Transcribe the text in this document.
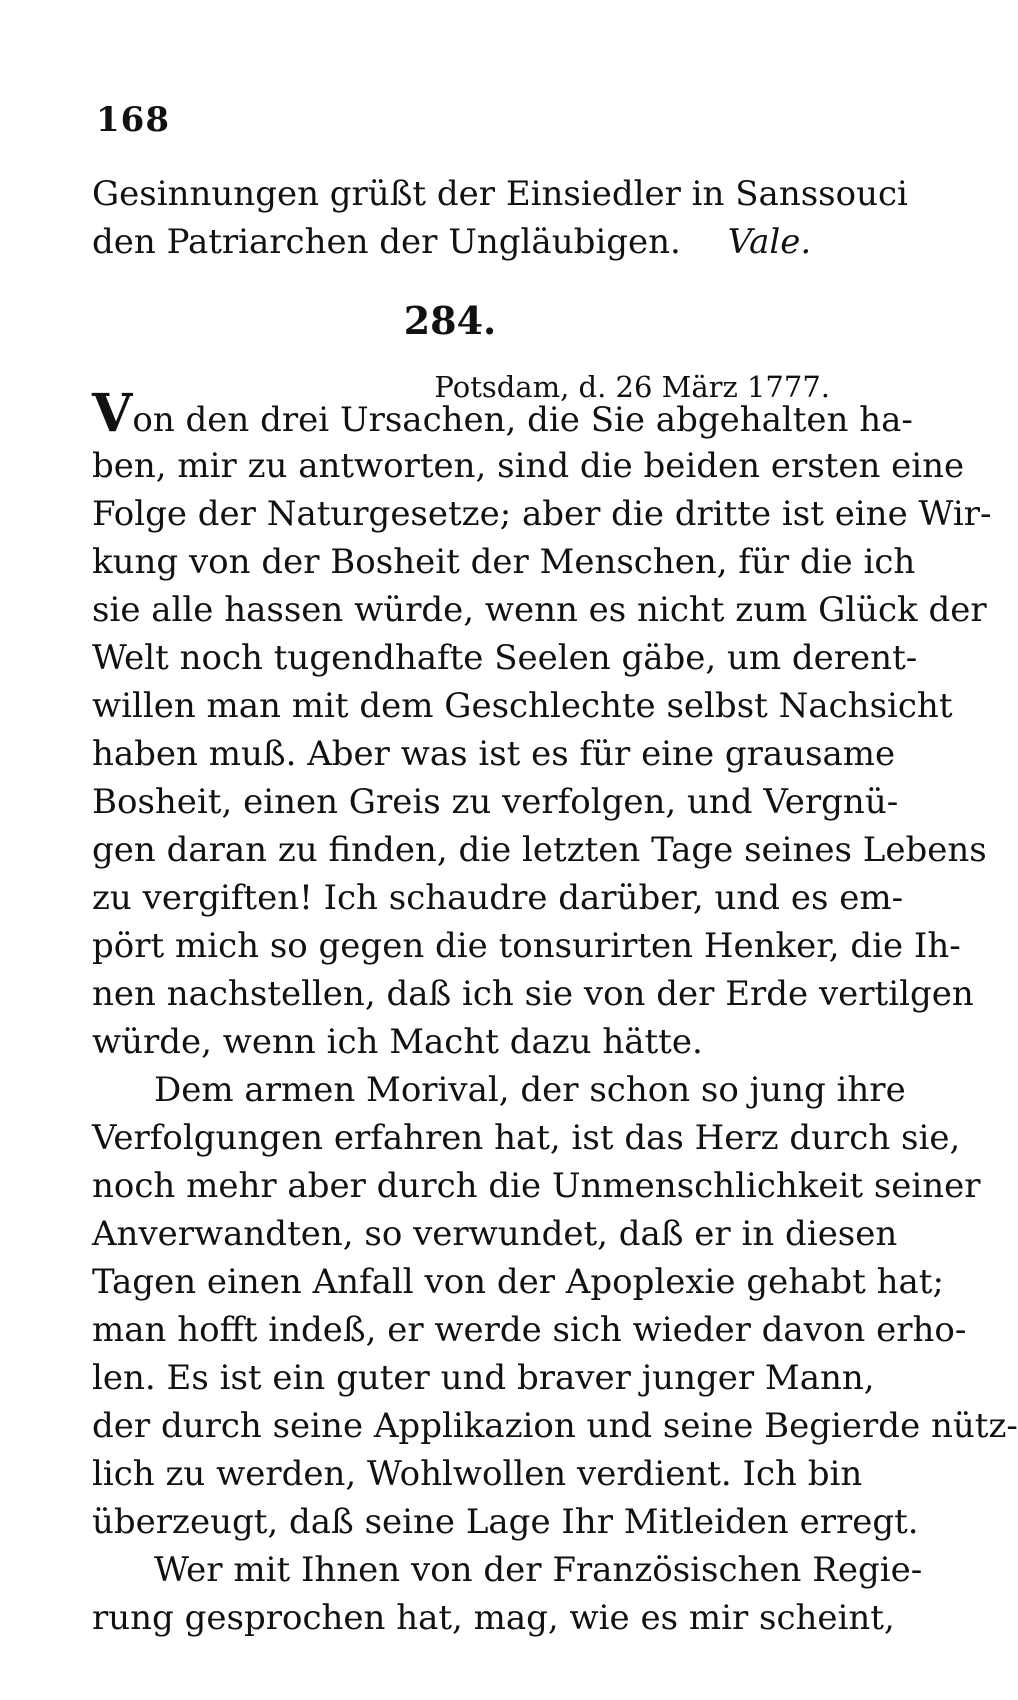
168
Gesinnungen grüßt der Einsiedler in Sanssouci
den Patriarchen der Ungläubigen. Vale.
284.
Potsdam, d. 26 März 1777.
Von den drei Ursachen, die Sie abgehalten ha-
ben, mir zu antworten, sind die beiden ersten eine
Folge der Naturgesetze; aber die dritte ist eine Wir-
kung von der Bosheit der Menschen, für die ich
sie alle hassen würde, wenn es nicht zum Glück der
Welt noch tugendhafte Seelen gäbe, um derent-
willen man mit dem Geschlechte selbst Nachsicht
haben muß. Aber was ist es für eine grausame
Bosheit, einen Greis zu verfolgen, und Vergnü-
gen daran zu finden, die letzten Tage seines Lebens
zu vergiften! Ich schaudre darüber, und es em-
pört mich so gegen die tonsurirten Henker, die Ih-
nen nachstellen, daß ich sie von der Erde vertilgen
würde, wenn ich Macht dazu hätte.
Dem armen Morival, der schon so jung ihre
Verfolgungen erfahren hat, ist das Herz durch sie,
noch mehr aber durch die Unmenschlichkeit seiner
Anverwandten, so verwundet, daß er in diesen
Tagen einen Anfall von der Apoplexie gehabt hat;
man hofft indeß, er werde sich wieder davon erho-
len. Es ist ein guter und braver junger Mann,
der durch seine Applikazion und seine Begierde nütz-
lich zu werden, Wohlwollen verdient. Ich bin
überzeugt, daß seine Lage Ihr Mitleiden erregt.
Wer mit Ihnen von der Französischen Regie-
rung gesprochen hat, mag, wie es mir scheint,
